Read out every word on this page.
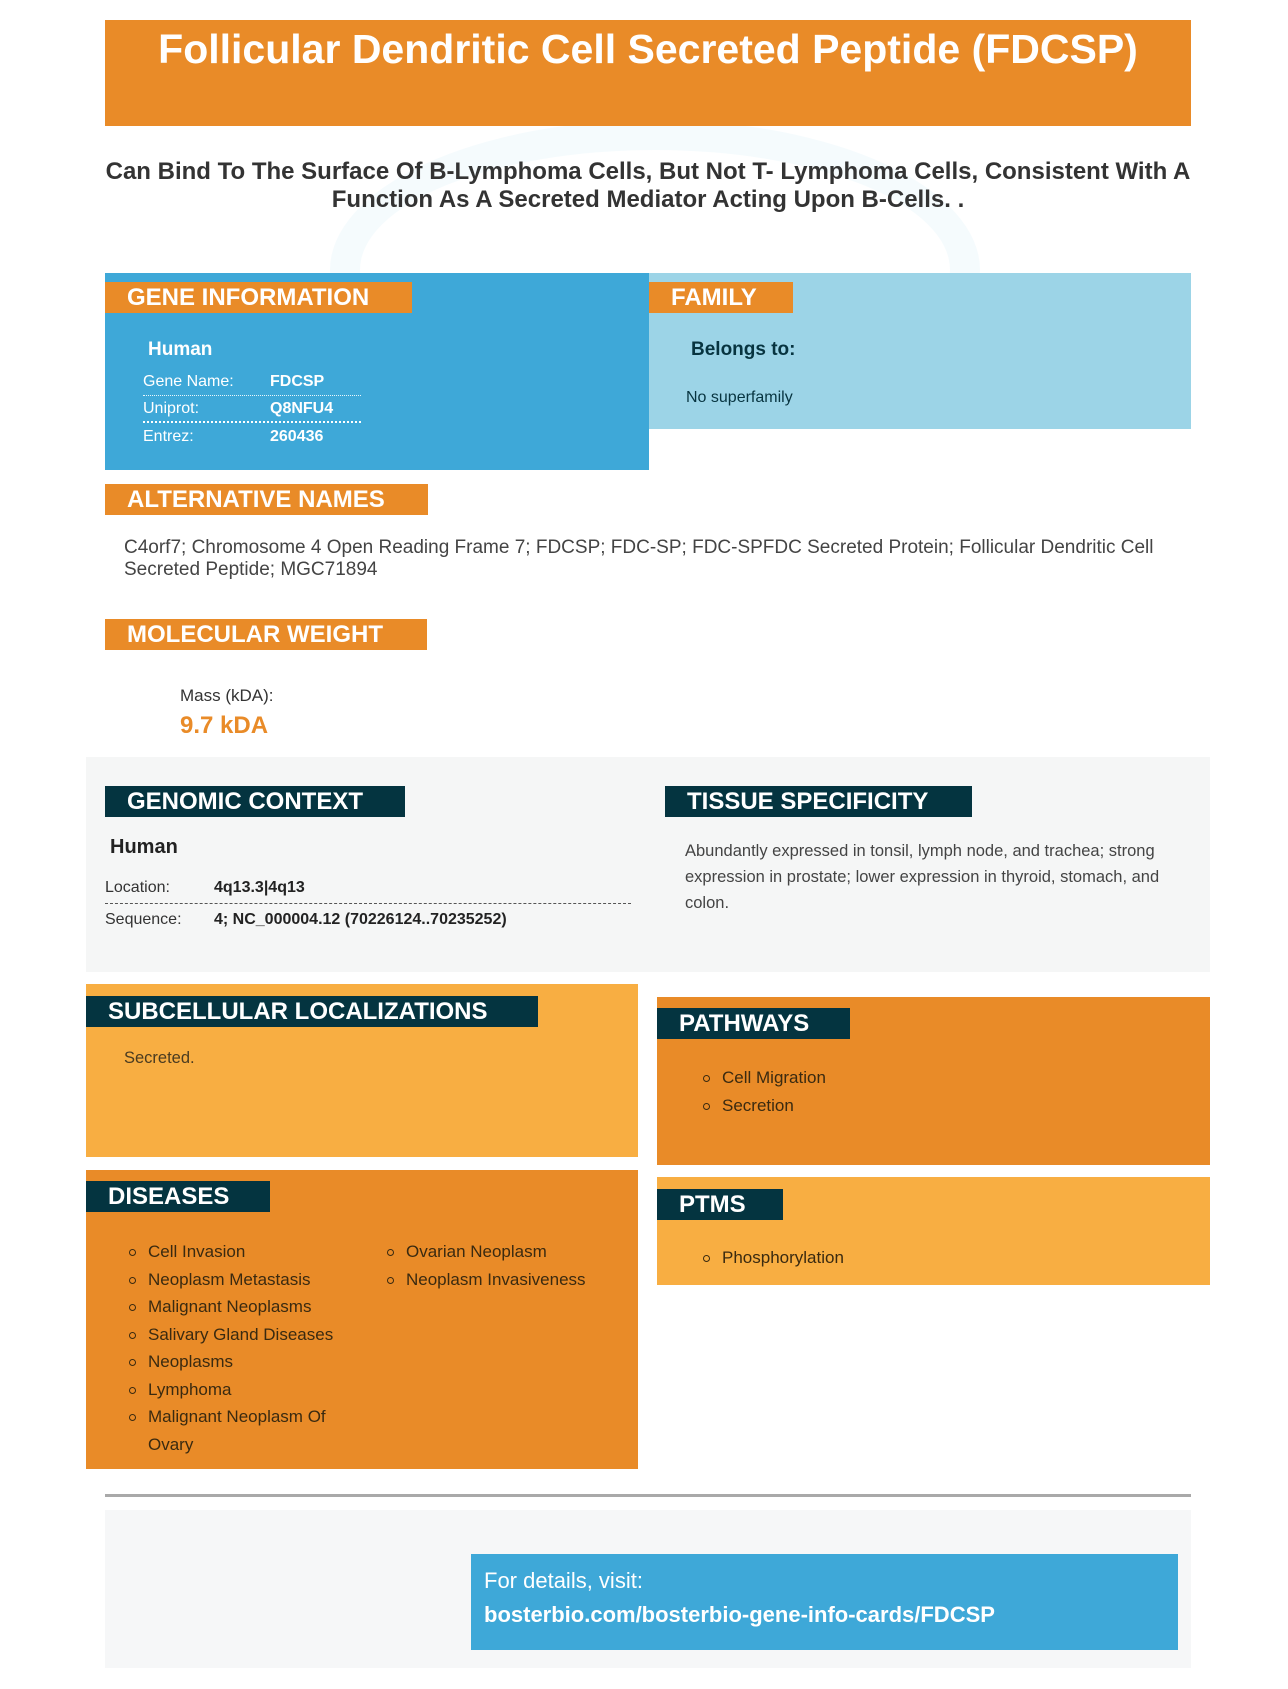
Follicular Dendritic Cell Secreted Peptide (FDCSP)
Can Bind To The Surface Of B-Lymphoma Cells, But Not T- Lymphoma Cells, Consistent With A Function As A Secreted Mediator Acting Upon B-Cells. .
GENE INFORMATION
Human
Gene Name:	FDCSP
Uniprot:	Q8NFU4
Entrez:	260436
FAMILY
Belongs to:
No superfamily
ALTERNATIVE NAMES
C4orf7; Chromosome 4 Open Reading Frame 7; FDCSP; FDC-SP; FDC-SPFDC Secreted Protein; Follicular Dendritic Cell Secreted Peptide; MGC71894
MOLECULAR WEIGHT
Mass (kDA):
9.7 kDA
GENOMIC CONTEXT
Human
Location:	4q13.3|4q13
Sequence:	4; NC_000004.12 (70226124..70235252)
TISSUE SPECIFICITY
Abundantly expressed in tonsil, lymph node, and trachea; strong expression in prostate; lower expression in thyroid, stomach, and colon.
SUBCELLULAR LOCALIZATIONS
Secreted.
PATHWAYS
Cell Migration
Secretion
PTMS
Phosphorylation
DISEASES
Cell Invasion
Neoplasm Metastasis
Malignant Neoplasms
Salivary Gland Diseases
Neoplasms
Lymphoma
Malignant Neoplasm Of Ovary
Ovarian Neoplasm
Neoplasm Invasiveness
For details, visit:
bosterbio.com/bosterbio-gene-info-cards/FDCSP
